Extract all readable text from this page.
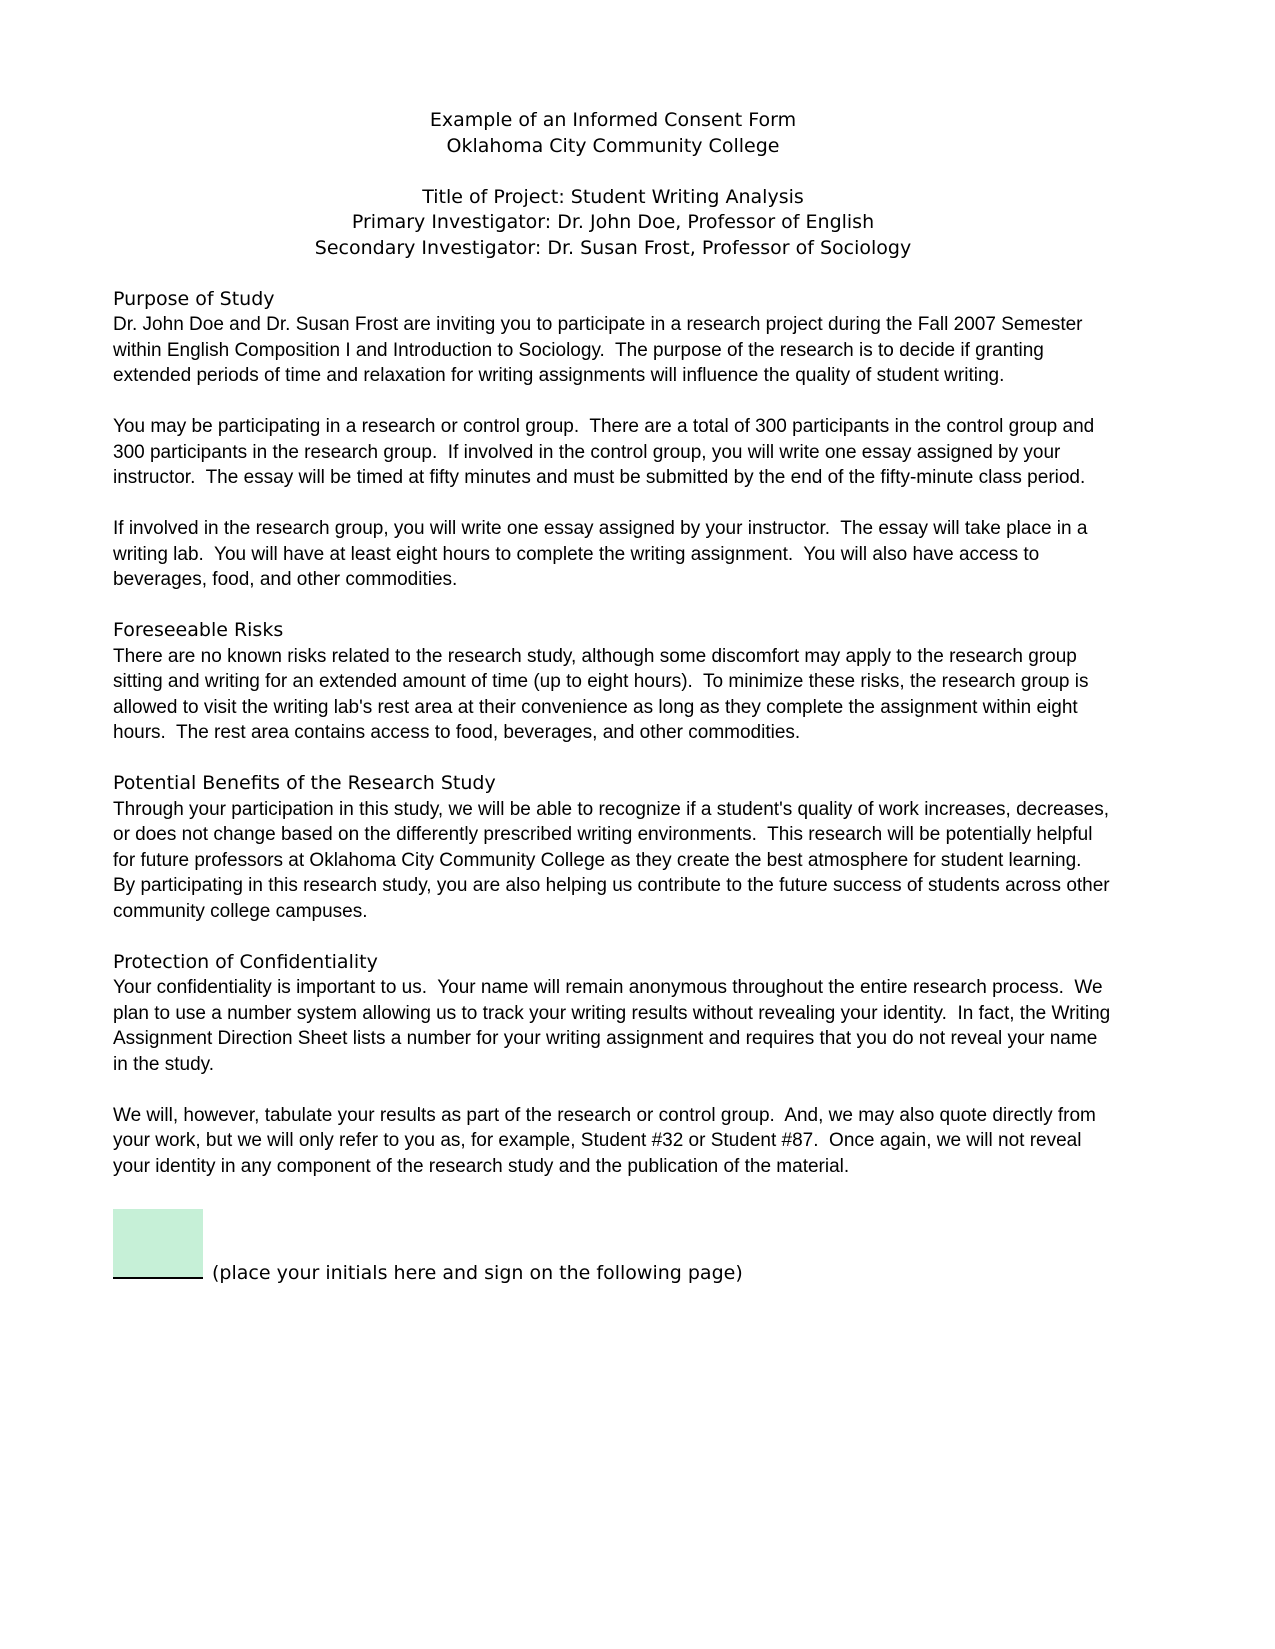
Example of an Informed Consent Form
Oklahoma City Community College
Title of Project: Student Writing Analysis
Primary Investigator: Dr. John Doe, Professor of English
Secondary Investigator: Dr. Susan Frost, Professor of Sociology
Purpose of Study

Dr. John Doe and Dr. Susan Frost are inviting you to participate in a research project during the Fall 2007 Semester within English Composition I and Introduction to Sociology.  The purpose of the research is to decide if granting extended periods of time and relaxation for writing assignments will influence the quality of student writing.

You may be participating in a research or control group.  There are a total of 300 participants in the control group and 300 participants in the research group.  If involved in the control group, you will write one essay assigned by your instructor.  The essay will be timed at fifty minutes and must be submitted by the end of the fifty-minute class period.

If involved in the research group, you will write one essay assigned by your instructor.  The essay will take place in a writing lab.  You will have at least eight hours to complete the writing assignment.  You will also have access to beverages, food, and other commodities.

Foreseeable Risks

There are no known risks related to the research study, although some discomfort may apply to the research group sitting and writing for an extended amount of time (up to eight hours).  To minimize these risks, the research group is allowed to visit the writing lab's rest area at their convenience as long as they complete the assignment within eight hours.  The rest area contains access to food, beverages, and other commodities.

Potential Benefits of the Research Study

Through your participation in this study, we will be able to recognize if a student's quality of work increases, decreases, or does not change based on the differently prescribed writing environments.  This research will be potentially helpful for future professors at Oklahoma City Community College as they create the best atmosphere for student learning.  By participating in this research study, you are also helping us contribute to the future success of students across other community college campuses.

Protection of Confidentiality

Your confidentiality is important to us.  Your name will remain anonymous throughout the entire research process.  We plan to use a number system allowing us to track your writing results without revealing your identity.  In fact, the Writing Assignment Direction Sheet lists a number for your writing assignment and requires that you do not reveal your name in the study.

We will, however, tabulate your results as part of the research or control group.  And, we may also quote directly from your work, but we will only refer to you as, for example, Student #32 or Student #87.  Once again, we will not reveal your identity in any component of the research study and the publication of the material.

(place your initials here and sign on the following page)
